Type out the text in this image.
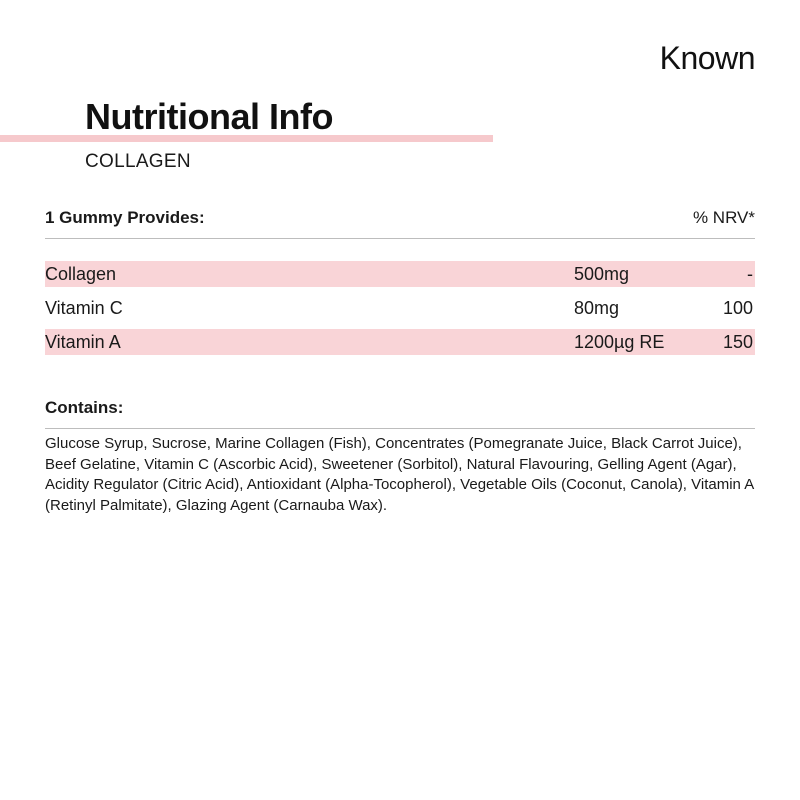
Known
Nutritional Info
COLLAGEN
1 Gummy Provides:	% NRV*
Collagen	500mg	-
Vitamin C	80mg	100
Vitamin A	1200µg RE	150
Contains:
Glucose Syrup, Sucrose, Marine Collagen (Fish), Concentrates (Pomegranate Juice, Black Carrot Juice), Beef Gelatine, Vitamin C (Ascorbic Acid), Sweetener (Sorbitol), Natural Flavouring, Gelling Agent (Agar), Acidity Regulator (Citric Acid), Antioxidant (Alpha-Tocopherol), Vegetable Oils (Coconut, Canola), Vitamin A (Retinyl Palmitate), Glazing Agent (Carnauba Wax).
